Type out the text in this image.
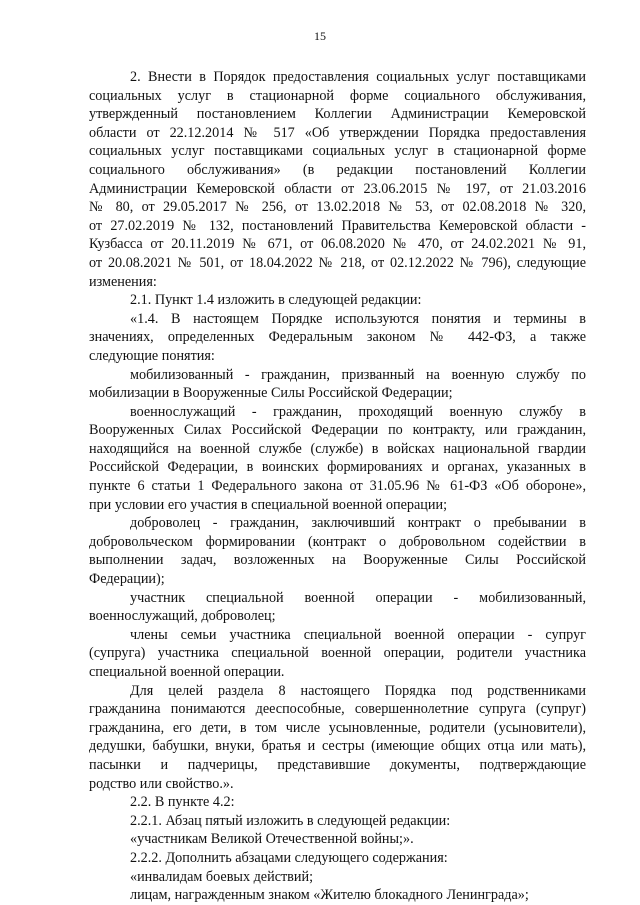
15
2. Внести в Порядок предоставления социальных услуг поставщиками
социальных услуг в стационарной форме социального обслуживания,
утвержденный постановлением Коллегии Администрации Кемеровской
области от 22.12.2014 № 517 «Об утверждении Порядка предоставления
социальных услуг поставщиками социальных услуг в стационарной форме
социального обслуживания» (в редакции постановлений Коллегии
Администрации Кемеровской области от 23.06.2015 № 197, от 21.03.2016
№ 80, от 29.05.2017 № 256, от 13.02.2018 № 53, от 02.08.2018 № 320,
от 27.02.2019 № 132, постановлений Правительства Кемеровской области -
Кузбасса от 20.11.2019 № 671, от 06.08.2020 № 470, от 24.02.2021 № 91,
от 20.08.2021 № 501, от 18.04.2022 № 218, от 02.12.2022 № 796), следующие
изменения:
2.1. Пункт 1.4 изложить в следующей редакции:
«1.4. В настоящем Порядке используются понятия и термины в
значениях, определенных Федеральным законом № 442-ФЗ, а также
следующие понятия:
мобилизованный - гражданин, призванный на военную службу по
мобилизации в Вооруженные Силы Российской Федерации;
военнослужащий - гражданин, проходящий военную службу в
Вооруженных Силах Российской Федерации по контракту, или гражданин,
находящийся на военной службе (службе) в войсках национальной гвардии
Российской Федерации, в воинских формированиях и органах, указанных в
пункте 6 статьи 1 Федерального закона от 31.05.96 № 61-ФЗ «Об обороне»,
при условии его участия в специальной военной операции;
доброволец - гражданин, заключивший контракт о пребывании в
добровольческом формировании (контракт о добровольном содействии в
выполнении задач, возложенных на Вооруженные Силы Российской
Федерации);
участник специальной военной операции - мобилизованный,
военнослужащий, доброволец;
члены семьи участника специальной военной операции - супруг
(супруга) участника специальной военной операции, родители участника
специальной военной операции.
Для целей раздела 8 настоящего Порядка под родственниками
гражданина понимаются дееспособные, совершеннолетние супруга (супруг)
гражданина, его дети, в том числе усыновленные, родители (усыновители),
дедушки, бабушки, внуки, братья и сестры (имеющие общих отца или мать),
пасынки и падчерицы, представившие документы, подтверждающие
родство или свойство.».
2.2. В пункте 4.2:
2.2.1. Абзац пятый изложить в следующей редакции:
«участникам Великой Отечественной войны;».
2.2.2. Дополнить абзацами следующего содержания:
«инвалидам боевых действий;
лицам, награжденным знаком «Жителю блокадного Ленинграда»;
